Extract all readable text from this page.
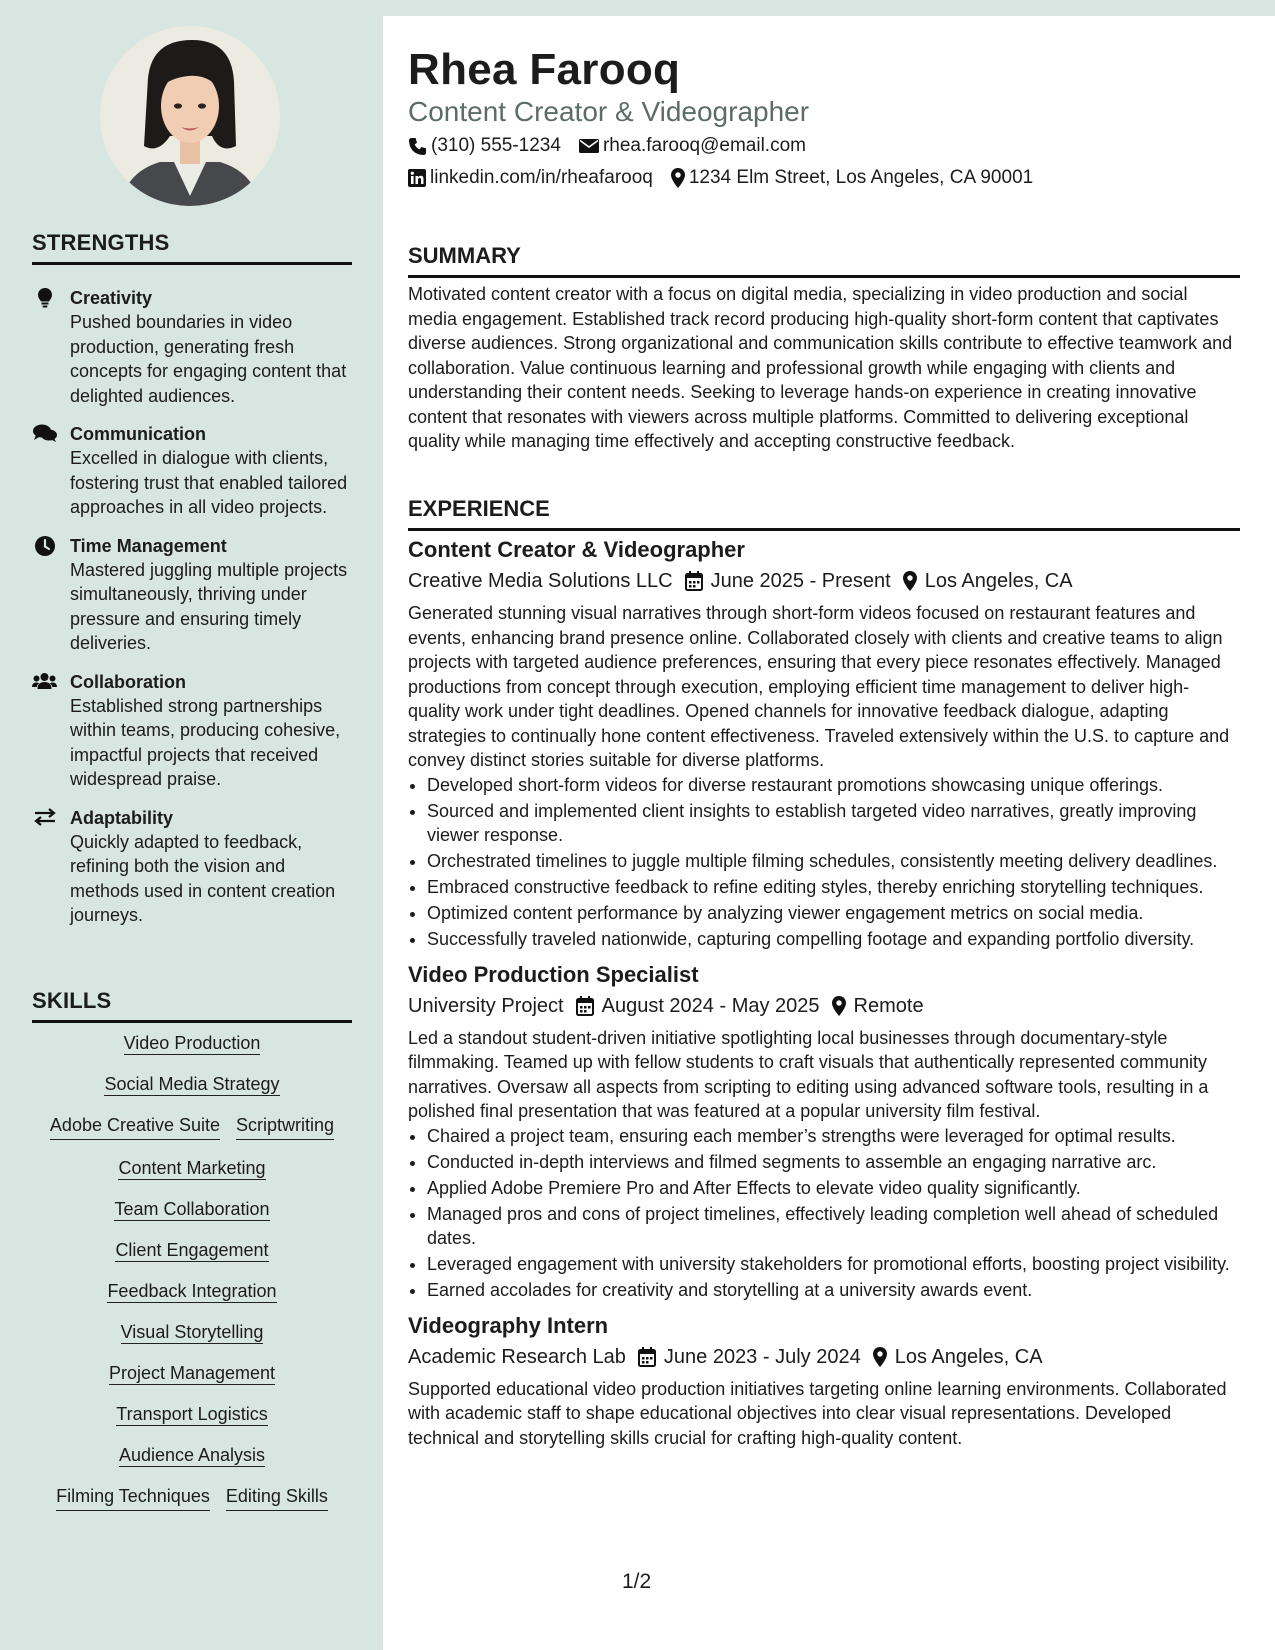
STRENGTHS
Creativity
Pushed boundaries in video production, generating fresh concepts for engaging content that delighted audiences.
Communication
Excelled in dialogue with clients, fostering trust that enabled tailored approaches in all video projects.
Time Management
Mastered juggling multiple projects simultaneously, thriving under pressure and ensuring timely deliveries.
Collaboration
Established strong partnerships within teams, producing cohesive, impactful projects that received widespread praise.
Adaptability
Quickly adapted to feedback, refining both the vision and methods used in content creation journeys.
SKILLS
Video Production
Social Media Strategy
Adobe Creative Suite Scriptwriting
Content Marketing
Team Collaboration
Client Engagement
Feedback Integration
Visual Storytelling
Project Management
Transport Logistics
Audience Analysis
Filming Techniques Editing Skills
Rhea Farooq
Content Creator & Videographer
(310) 555-1234 rhea.farooq@email.com
linkedin.com/in/rheafarooq 1234 Elm Street, Los Angeles, CA 90001
SUMMARY

Motivated content creator with a focus on digital media, specializing in video production and social media engagement. Established track record producing high-quality short-form content that captivates diverse audiences. Strong organizational and communication skills contribute to effective teamwork and collaboration. Value continuous learning and professional growth while engaging with clients and understanding their content needs. Seeking to leverage hands-on experience in creating innovative content that resonates with viewers across multiple platforms. Committed to delivering exceptional quality while managing time effectively and accepting constructive feedback.

EXPERIENCE
Content Creator & Videographer
Creative Media Solutions LLC June 2025 - Present Los Angeles, CA

Generated stunning visual narratives through short-form videos focused on restaurant features and events, enhancing brand presence online. Collaborated closely with clients and creative teams to align projects with targeted audience preferences, ensuring that every piece resonates effectively. Managed productions from concept through execution, employing efficient time management to deliver high-quality work under tight deadlines. Opened channels for innovative feedback dialogue, adapting strategies to continually hone content effectiveness. Traveled extensively within the U.S. to capture and convey distinct stories suitable for diverse platforms.

• Developed short-form videos for diverse restaurant promotions showcasing unique offerings.
• Sourced and implemented client insights to establish targeted video narratives, greatly improving viewer response.
• Orchestrated timelines to juggle multiple filming schedules, consistently meeting delivery deadlines.
• Embraced constructive feedback to refine editing styles, thereby enriching storytelling techniques.
• Optimized content performance by analyzing viewer engagement metrics on social media.
• Successfully traveled nationwide, capturing compelling footage and expanding portfolio diversity.
Video Production Specialist
University Project August 2024 - May 2025 Remote

Led a standout student-driven initiative spotlighting local businesses through documentary-style filmmaking. Teamed up with fellow students to craft visuals that authentically represented community narratives. Oversaw all aspects from scripting to editing using advanced software tools, resulting in a polished final presentation that was featured at a popular university film festival.

• Chaired a project team, ensuring each member’s strengths were leveraged for optimal results.
• Conducted in-depth interviews and filmed segments to assemble an engaging narrative arc.
• Applied Adobe Premiere Pro and After Effects to elevate video quality significantly.
• Managed pros and cons of project timelines, effectively leading completion well ahead of scheduled dates.
• Leveraged engagement with university stakeholders for promotional efforts, boosting project visibility.
• Earned accolades for creativity and storytelling at a university awards event.
Videography Intern
Academic Research Lab June 2023 - July 2024 Los Angeles, CA

Supported educational video production initiatives targeting online learning environments. Collaborated with academic staff to shape educational objectives into clear visual representations. Developed technical and storytelling skills crucial for crafting high-quality content.

1/2
